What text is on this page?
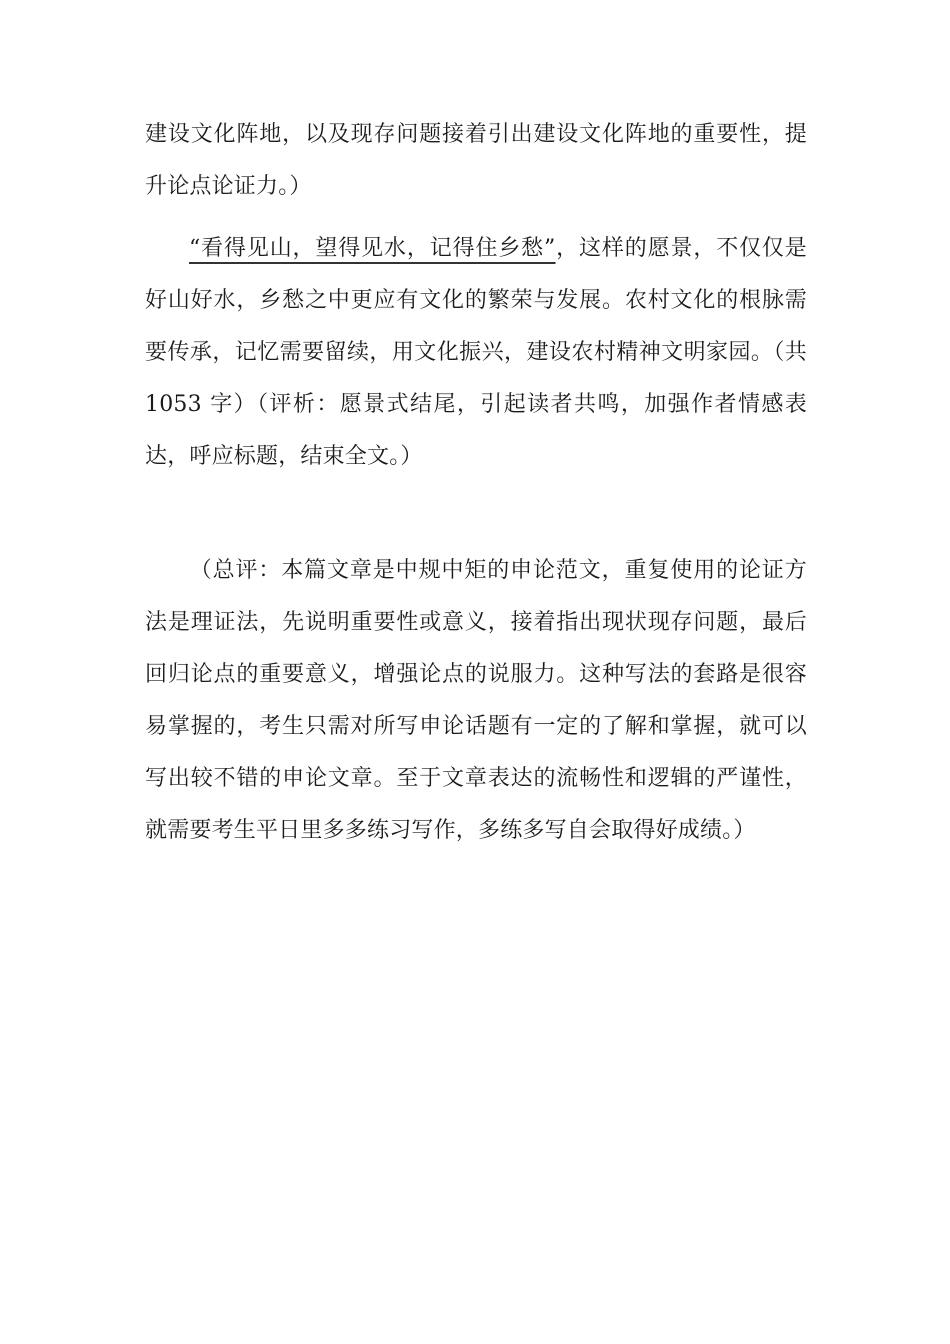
建设文化阵地，以及现存问题接着引出建设文化阵地的重要性，提升论点论证力。）

“看得见山，望得见水，记得住乡愁”，这样的愿景，不仅仅是好山好水，乡愁之中更应有文化的繁荣与发展。农村文化的根脉需要传承，记忆需要留续，用文化振兴，建设农村精神文明家园。（共 1053 字）（评析：愿景式结尾，引起读者共鸣，加强作者情感表达，呼应标题，结束全文。）

（总评：本篇文章是中规中矩的申论范文，重复使用的论证方法是理证法，先说明重要性或意义，接着指出现状现存问题，最后回归论点的重要意义，增强论点的说服力。这种写法的套路是很容易掌握的，考生只需对所写申论话题有一定的了解和掌握，就可以写出较不错的申论文章。至于文章表达的流畅性和逻辑的严谨性，就需要考生平日里多多练习写作，多练多写自会取得好成绩。）
